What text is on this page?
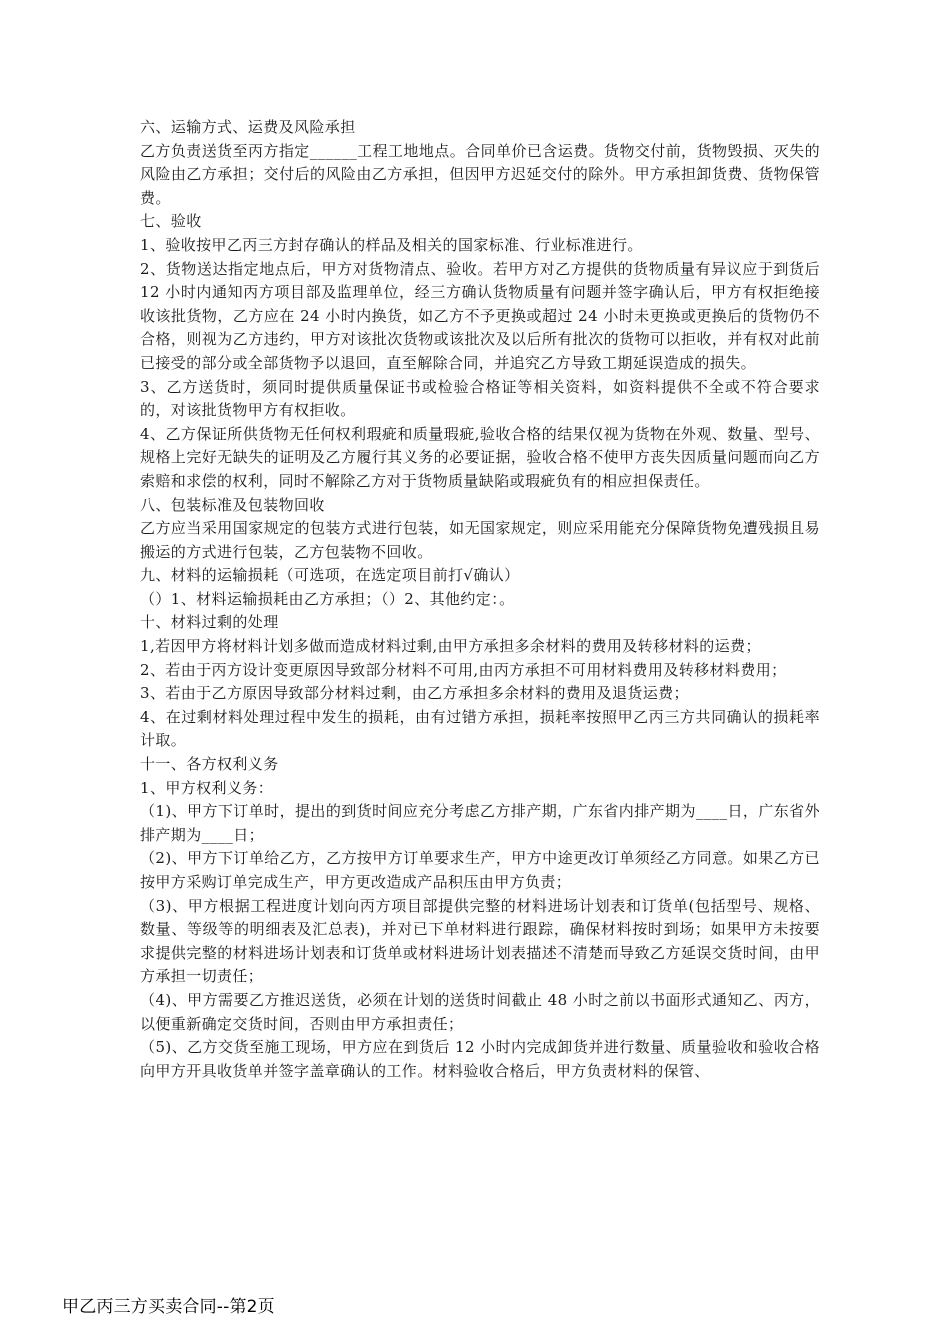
六、运输方式、运费及风险承担

乙方负责送货至丙方指定______工程工地地点。合同单价已含运费。货物交付前，货物毁损、灭失的风险由乙方承担；交付后的风险由乙方承担，但因甲方迟延交付的除外。甲方承担卸货费、货物保管费。

七、验收

1、验收按甲乙丙三方封存确认的样品及相关的国家标准、行业标准进行。

2、货物送达指定地点后，甲方对货物清点、验收。若甲方对乙方提供的货物质量有异议应于到货后 12 小时内通知丙方项目部及监理单位，经三方确认货物质量有问题并签字确认后，甲方有权拒绝接收该批货物，乙方应在 24 小时内换货，如乙方不予更换或超过 24 小时未更换或更换后的货物仍不合格，则视为乙方违约，甲方对该批次货物或该批次及以后所有批次的货物可以拒收，并有权对此前已接受的部分或全部货物予以退回，直至解除合同，并追究乙方导致工期延误造成的损失。

3、乙方送货时，须同时提供质量保证书或检验合格证等相关资料，如资料提供不全或不符合要求的，对该批货物甲方有权拒收。

4、乙方保证所供货物无任何权利瑕疵和质量瑕疵,验收合格的结果仅视为货物在外观、数量、型号、规格上完好无缺失的证明及乙方履行其义务的必要证据，验收合格不使甲方丧失因质量问题而向乙方索赔和求偿的权利，同时不解除乙方对于货物质量缺陷或瑕疵负有的相应担保责任。

八、包装标准及包装物回收

乙方应当采用国家规定的包装方式进行包装，如无国家规定，则应采用能充分保障货物免遭残损且易搬运的方式进行包装，乙方包装物不回收。

九、材料的运输损耗（可选项，在选定项目前打√确认）

（）1、材料运输损耗由乙方承担；（）2、其他约定：。

十、材料过剩的处理

1,若因甲方将材料计划多做而造成材料过剩,由甲方承担多余材料的费用及转移材料的运费；

2、若由于丙方设计变更原因导致部分材料不可用,由丙方承担不可用材料费用及转移材料费用；

3、若由于乙方原因导致部分材料过剩，由乙方承担多余材料的费用及退货运费；

4、在过剩材料处理过程中发生的损耗，由有过错方承担，损耗率按照甲乙丙三方共同确认的损耗率计取。

十一、各方权利义务

1、甲方权利义务：

（1)、甲方下订单时，提出的到货时间应充分考虑乙方排产期，广东省内排产期为____日，广东省外排产期为____日；

（2)、甲方下订单给乙方，乙方按甲方订单要求生产，甲方中途更改订单须经乙方同意。如果乙方已按甲方采购订单完成生产，甲方更改造成产品积压由甲方负责；

（3)、甲方根据工程进度计划向丙方项目部提供完整的材料进场计划表和订货单(包括型号、规格、数量、等级等的明细表及汇总表)，并对已下单材料进行跟踪，确保材料按时到场；如果甲方未按要求提供完整的材料进场计划表和订货单或材料进场计划表描述不清楚而导致乙方延误交货时间，由甲方承担一切责任；

（4)、甲方需要乙方推迟送货，必须在计划的送货时间截止 48 小时之前以书面形式通知乙、丙方，以便重新确定交货时间，否则由甲方承担责任；

（5)、乙方交货至施工现场，甲方应在到货后 12 小时内完成卸货并进行数量、质量验收和验收合格向甲方开具收货单并签字盖章确认的工作。材料验收合格后，甲方负责材料的保管、

甲乙丙三方买卖合同--第2页
